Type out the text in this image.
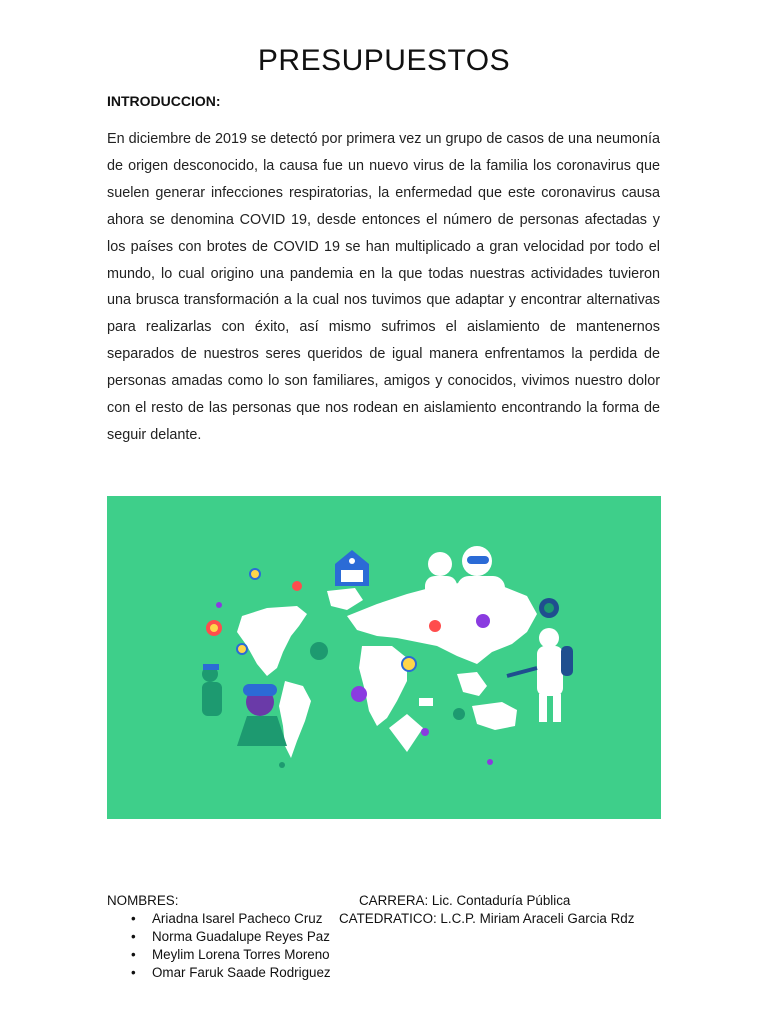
PRESUPUESTOS
INTRODUCCION:

En diciembre de 2019 se detectó por primera vez un grupo de casos de una neumonía de origen desconocido, la causa fue un nuevo virus de la familia los coronavirus que suelen generar infecciones respiratorias, la enfermedad que este coronavirus causa ahora se denomina COVID 19, desde entonces el número de personas afectadas y los países con brotes de COVID 19 se han multiplicado a gran velocidad por todo el mundo, lo cual origino una pandemia en la que todas nuestras actividades tuvieron una brusca transformación a la cual nos tuvimos que adaptar y encontrar alternativas para realizarlas con éxito, así mismo sufrimos el aislamiento de mantenernos separados de nuestros seres queridos de igual manera enfrentamos la perdida de personas amadas como lo son familiares, amigos y conocidos, vivimos nuestro dolor con el resto de las personas que nos rodean en aislamiento encontrando la forma de seguir delante.

NOMBRES:	CARRERA: Lic. Contaduría Pública
CATEDRATICO: L.C.P. Miriam Araceli Garcia Rdz
• Ariadna Isarel Pacheco Cruz
• Norma Guadalupe Reyes Paz
• Meylim Lorena Torres Moreno
• Omar Faruk Saade Rodriguez
